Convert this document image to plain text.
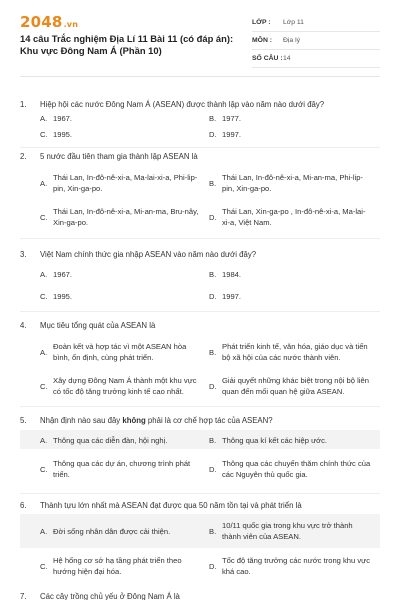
2048.vn
14 câu Trắc nghiệm Địa Lí 11 Bài 11 (có đáp án): Khu vực Đông Nam Á (Phần 10)
LỚP :	Lớp 11
MÔN :	Địa lý
SỐ CÂU : 14
1.	Hiệp hội các nước Đông Nam Á (ASEAN) được thành lập vào năm nào dưới đây?
A. 1967.	B. 1977.
C. 1995.	D. 1997.
2.	5 nước đầu tiên tham gia thành lập ASEAN là
A.
Thái Lan, In-đô-nê-xi-a, Ma-lai-xi-a, Phi-lip-pin, Xin-ga-po.
B.
Thái Lan, In-đô-nê-xi-a, Mi-an-ma, Phi-lip-pin, Xin-ga-po.
C.
Thái Lan, In-đô-nê-xi-a, Mi-an-ma, Bru-nây, Xin-ga-po.
D.
Thái Lan, Xin-ga-po , In-đô-nê-xi-a, Ma-lai-xi-a, Việt Nam.
3.	Việt Nam chính thức gia nhập ASEAN vào năm nào dưới đây?
A. 1967.	B. 1984.
C. 1995.	D. 1997.
4.	Mục tiêu tổng quát của ASEAN là
A.
Đoàn kết và hợp tác vì một ASEAN hòa bình, ổn định, cùng phát triển.
B.
Phát triển kinh tế, văn hóa, giáo dục và tiến bộ xã hội của các nước thành viên.
C.
Xây dựng Đông Nam Á thành một khu vực có tốc độ tăng trưởng kinh tế cao nhất.
D.
Giải quyết những khác biệt trong nội bộ liên quan đến mối quan hệ giữa ASEAN.
5.	Nhận định nào sau đây không phải là cơ chế hợp tác của ASEAN?
A. Thông qua các diễn đàn, hội nghị.	B. Thông qua kí kết các hiệp ước.
C.
Thông qua các dự án, chương trình phát triển.
D.
Thông qua các chuyến thăm chính thức của các Nguyên thủ quốc gia.
6.	Thành tựu lớn nhất mà ASEAN đạt được qua 50 năm tồn tại và phát triển là
A. Đời sống nhân dân được cải thiện.	B.
10/11 quốc gia trong khu vực trở thành thành viên của ASEAN.
C.
Hệ hống cơ sở hạ tầng phát triển theo hướng hiện đại hóa.
D.
Tốc độ tăng trưởng các nước trong khu vực khá cao.
7.	Các cây trồng chủ yếu ở Đông Nam Á là
